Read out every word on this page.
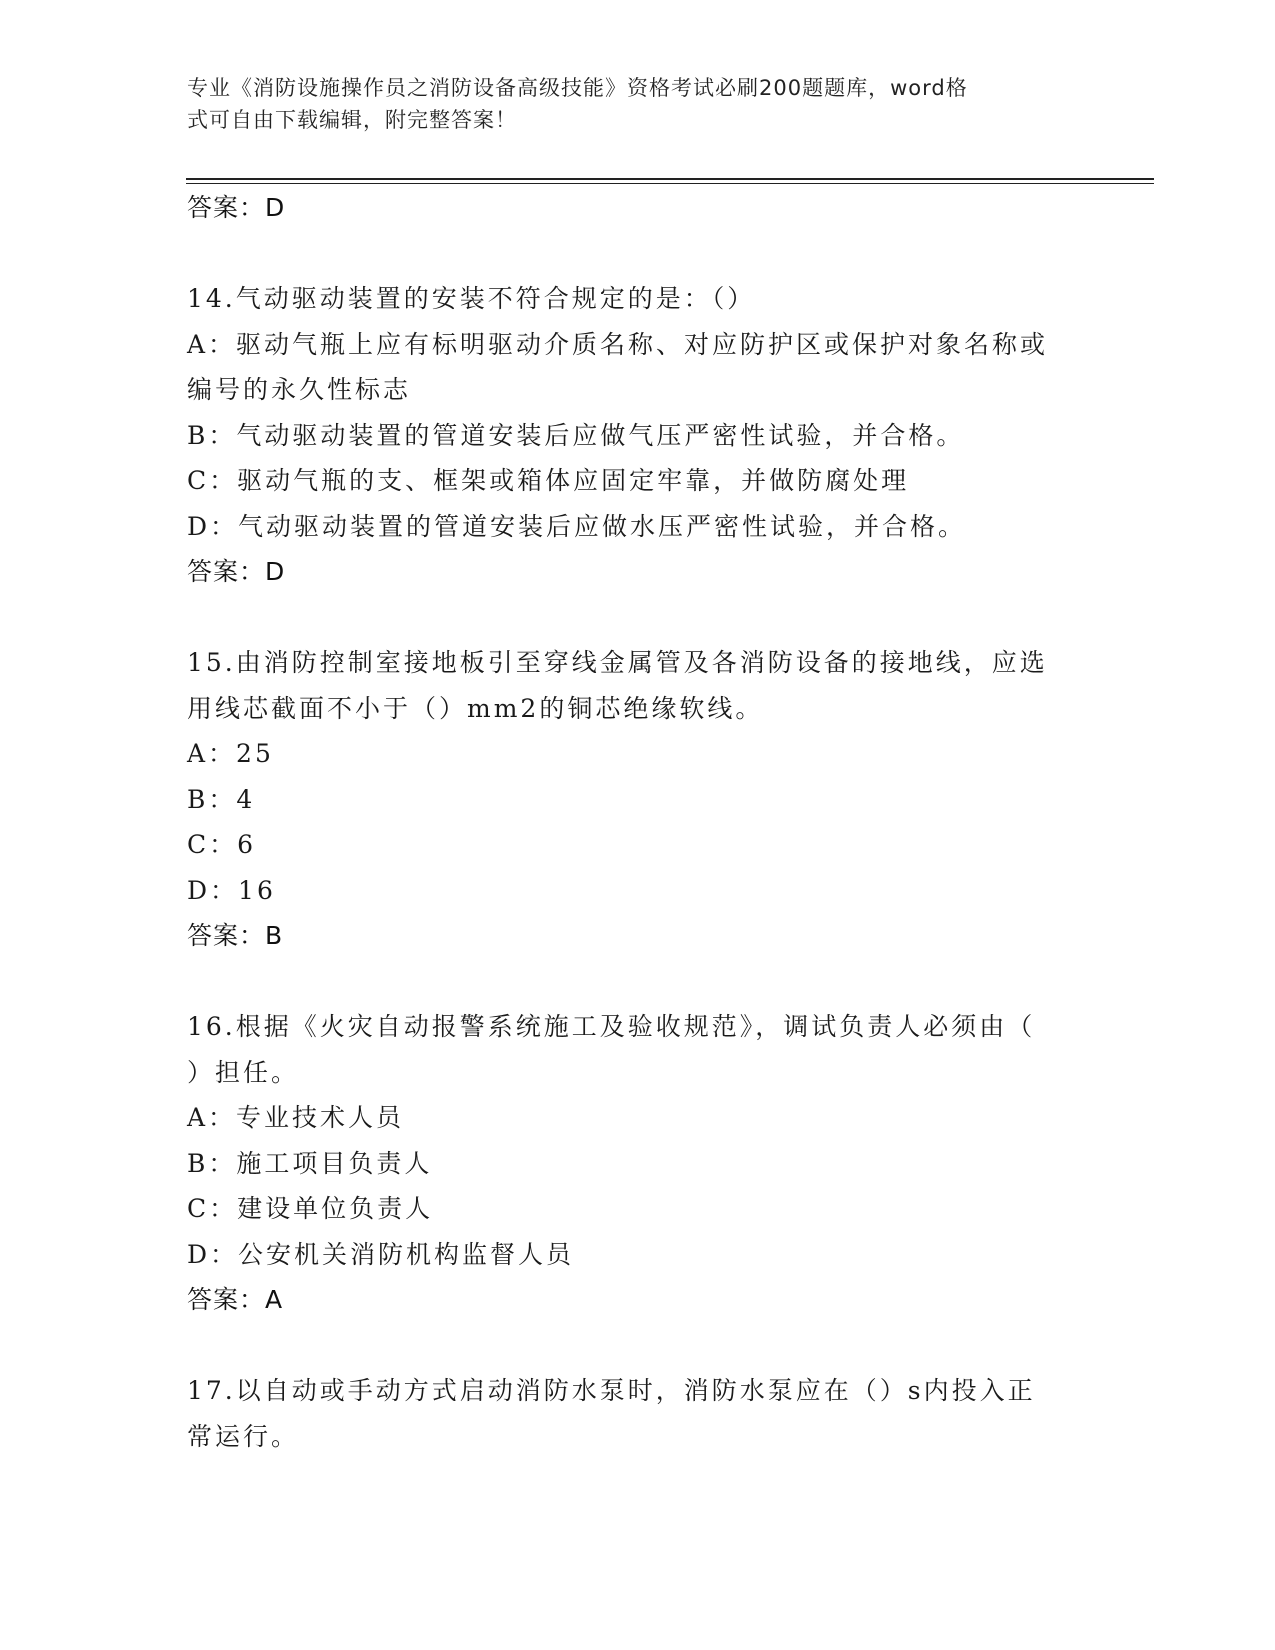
专业《消防设施操作员之消防设备高级技能》资格考试必刷200题题库，word格
式可自由下载编辑，附完整答案！
答案：D
14.气动驱动装置的安装不符合规定的是：（）
A：驱动气瓶上应有标明驱动介质名称、对应防护区或保护对象名称或
编号的永久性标志
B：气动驱动装置的管道安装后应做气压严密性试验，并合格。
C：驱动气瓶的支、框架或箱体应固定牢靠，并做防腐处理
D：气动驱动装置的管道安装后应做水压严密性试验，并合格。
答案：D
15.由消防控制室接地板引至穿线金属管及各消防设备的接地线，应选
用线芯截面不小于（）mm2的铜芯绝缘软线。
A：25
B：4
C：6
D：16
答案：B
16.根据《火灾自动报警系统施工及验收规范》，调试负责人必须由（
）担任。
A：专业技术人员
B：施工项目负责人
C：建设单位负责人
D：公安机关消防机构监督人员
答案：A
17.以自动或手动方式启动消防水泵时，消防水泵应在（）s内投入正
常运行。
